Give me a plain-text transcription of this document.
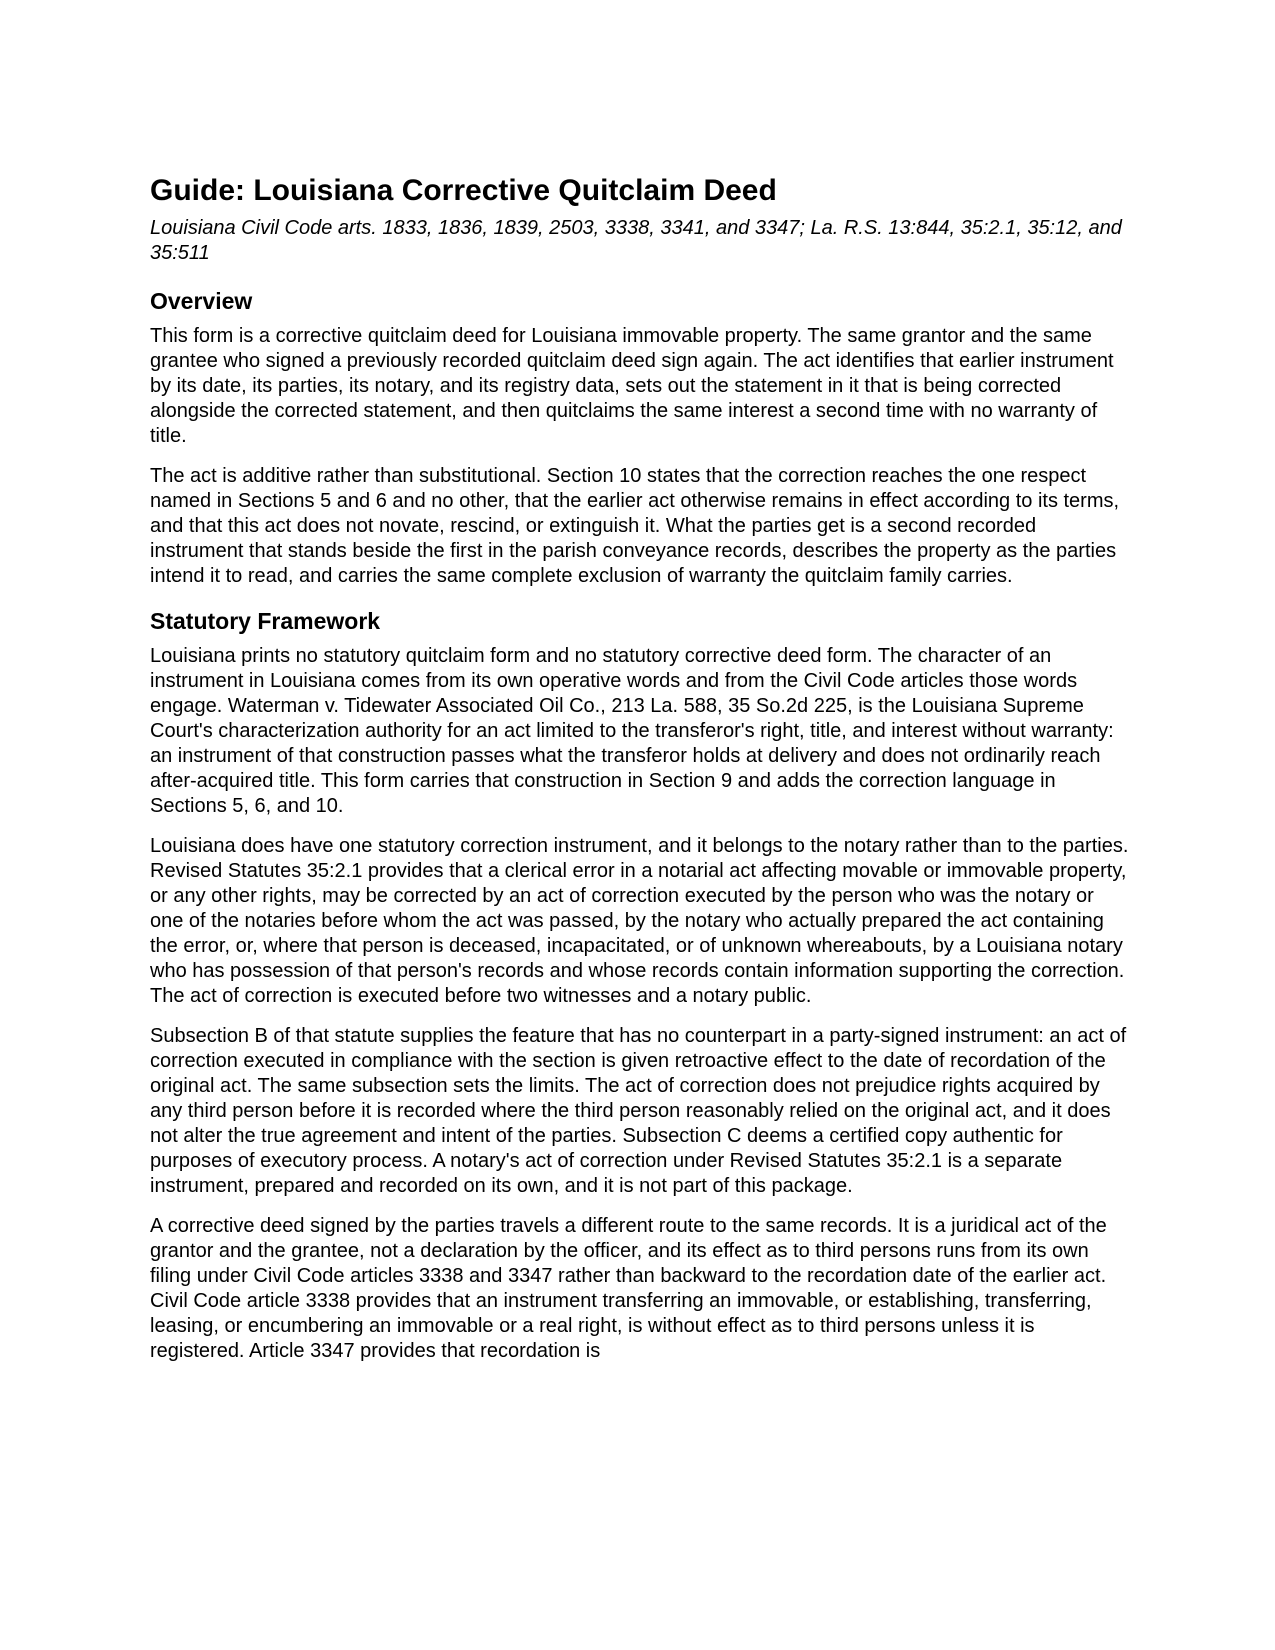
Guide: Louisiana Corrective Quitclaim Deed

Louisiana Civil Code arts. 1833, 1836, 1839, 2503, 3338, 3341, and 3347; La. R.S. 13:844, 35:2.1, 35:12, and 35:511

Overview

This form is a corrective quitclaim deed for Louisiana immovable property. The same grantor and the same grantee who signed a previously recorded quitclaim deed sign again. The act identifies that earlier instrument by its date, its parties, its notary, and its registry data, sets out the statement in it that is being corrected alongside the corrected statement, and then quitclaims the same interest a second time with no warranty of title.

The act is additive rather than substitutional. Section 10 states that the correction reaches the one respect named in Sections 5 and 6 and no other, that the earlier act otherwise remains in effect according to its terms, and that this act does not novate, rescind, or extinguish it. What the parties get is a second recorded instrument that stands beside the first in the parish conveyance records, describes the property as the parties intend it to read, and carries the same complete exclusion of warranty the quitclaim family carries.

Statutory Framework

Louisiana prints no statutory quitclaim form and no statutory corrective deed form. The character of an instrument in Louisiana comes from its own operative words and from the Civil Code articles those words engage. Waterman v. Tidewater Associated Oil Co., 213 La. 588, 35 So.2d 225, is the Louisiana Supreme Court's characterization authority for an act limited to the transferor's right, title, and interest without warranty: an instrument of that construction passes what the transferor holds at delivery and does not ordinarily reach after-acquired title. This form carries that construction in Section 9 and adds the correction language in Sections 5, 6, and 10.

Louisiana does have one statutory correction instrument, and it belongs to the notary rather than to the parties. Revised Statutes 35:2.1 provides that a clerical error in a notarial act affecting movable or immovable property, or any other rights, may be corrected by an act of correction executed by the person who was the notary or one of the notaries before whom the act was passed, by the notary who actually prepared the act containing the error, or, where that person is deceased, incapacitated, or of unknown whereabouts, by a Louisiana notary who has possession of that person's records and whose records contain information supporting the correction. The act of correction is executed before two witnesses and a notary public.

Subsection B of that statute supplies the feature that has no counterpart in a party-signed instrument: an act of correction executed in compliance with the section is given retroactive effect to the date of recordation of the original act. The same subsection sets the limits. The act of correction does not prejudice rights acquired by any third person before it is recorded where the third person reasonably relied on the original act, and it does not alter the true agreement and intent of the parties. Subsection C deems a certified copy authentic for purposes of executory process. A notary's act of correction under Revised Statutes 35:2.1 is a separate instrument, prepared and recorded on its own, and it is not part of this package.

A corrective deed signed by the parties travels a different route to the same records. It is a juridical act of the grantor and the grantee, not a declaration by the officer, and its effect as to third persons runs from its own filing under Civil Code articles 3338 and 3347 rather than backward to the recordation date of the earlier act. Civil Code article 3338 provides that an instrument transferring an immovable, or establishing, transferring, leasing, or encumbering an immovable or a real right, is without effect as to third persons unless it is registered. Article 3347 provides that recordation is
